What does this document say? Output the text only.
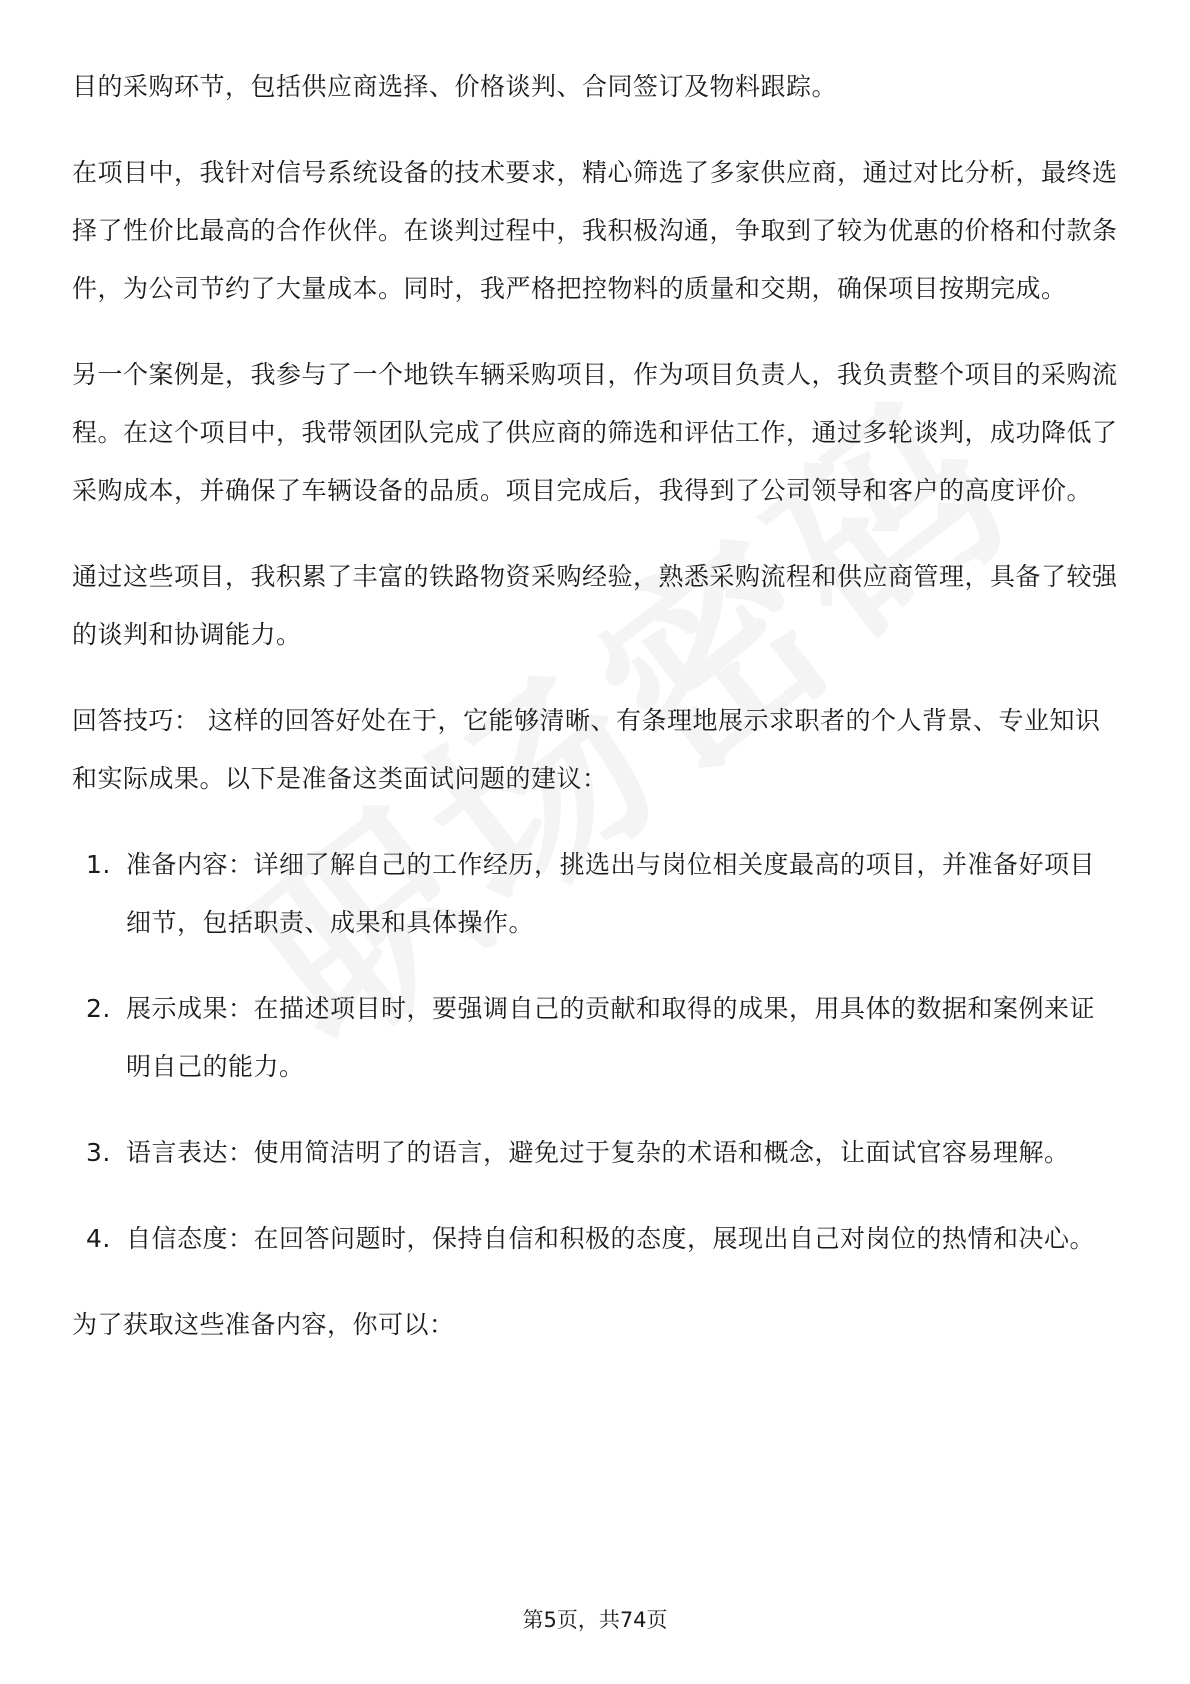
目的采购环节，包括供应商选择、价格谈判、合同签订及物料跟踪。

在项目中，我针对信号系统设备的技术要求，精心筛选了多家供应商，通过对比分析，最终选择了性价比最高的合作伙伴。在谈判过程中，我积极沟通，争取到了较为优惠的价格和付款条件，为公司节约了大量成本。同时，我严格把控物料的质量和交期，确保项目按期完成。

另一个案例是，我参与了一个地铁车辆采购项目，作为项目负责人，我负责整个项目的采购流程。在这个项目中，我带领团队完成了供应商的筛选和评估工作，通过多轮谈判，成功降低了采购成本，并确保了车辆设备的品质。项目完成后，我得到了公司领导和客户的高度评价。

通过这些项目，我积累了丰富的铁路物资采购经验，熟悉采购流程和供应商管理，具备了较强的谈判和协调能力。

回答技巧： 这样的回答好处在于，它能够清晰、有条理地展示求职者的个人背景、专业知识和实际成果。以下是准备这类面试问题的建议：

1. 准备内容：详细了解自己的工作经历，挑选出与岗位相关度最高的项目，并准备好项目细节，包括职责、成果和具体操作。
2. 展示成果：在描述项目时，要强调自己的贡献和取得的成果，用具体的数据和案例来证明自己的能力。
3. 语言表达：使用简洁明了的语言，避免过于复杂的术语和概念，让面试官容易理解。
4. 自信态度：在回答问题时，保持自信和积极的态度，展现出自己对岗位的热情和决心。

为了获取这些准备内容，你可以：

第5页，共74页
